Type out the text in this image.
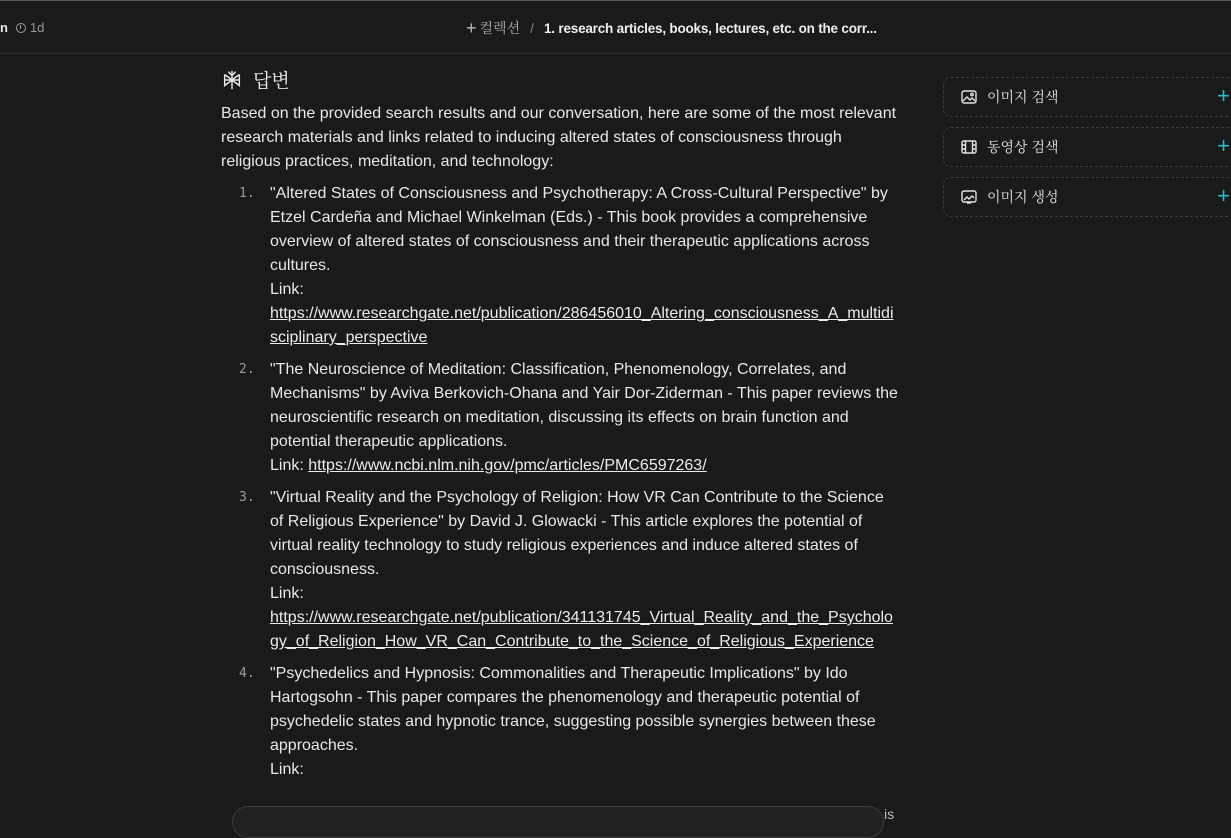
n 1d	+ 컬렉션 / 1. research articles, books, lectures, etc. on the corr...
답변

Based on the provided search results and our conversation, here are some of the most relevant research materials and links related to inducing altered states of consciousness through religious practices, meditation, and technology:

1. "Altered States of Consciousness and Psychotherapy: A Cross-Cultural Perspective" by Etzel Cardeña and Michael Winkelman (Eds.) - This book provides a comprehensive overview of altered states of consciousness and their therapeutic applications across cultures.
Link:
https://www.researchgate.net/publication/286456010_Altering_consciousness_A_multidisciplinary_perspective
2. "The Neuroscience of Meditation: Classification, Phenomenology, Correlates, and Mechanisms" by Aviva Berkovich-Ohana and Yair Dor-Ziderman - This paper reviews the neuroscientific research on meditation, discussing its effects on brain function and potential therapeutic applications.
Link: https://www.ncbi.nlm.nih.gov/pmc/articles/PMC6597263/
3. "Virtual Reality and the Psychology of Religion: How VR Can Contribute to the Science of Religious Experience" by David J. Glowacki - This article explores the potential of virtual reality technology to study religious experiences and induce altered states of consciousness.
Link:
https://www.researchgate.net/publication/341131745_Virtual_Reality_and_the_Psychology_of_Religion_How_VR_Can_Contribute_to_the_Science_of_Religious_Experience
4. "Psychedelics and Hypnosis: Commonalities and Therapeutic Implications" by Ido Hartogsohn - This paper compares the phenomenology and therapeutic potential of psychedelic states and hypnotic trance, suggesting possible synergies between these approaches.
Link:
is
이미지 검색	+
동영상 검색	+
이미지 생성	+
